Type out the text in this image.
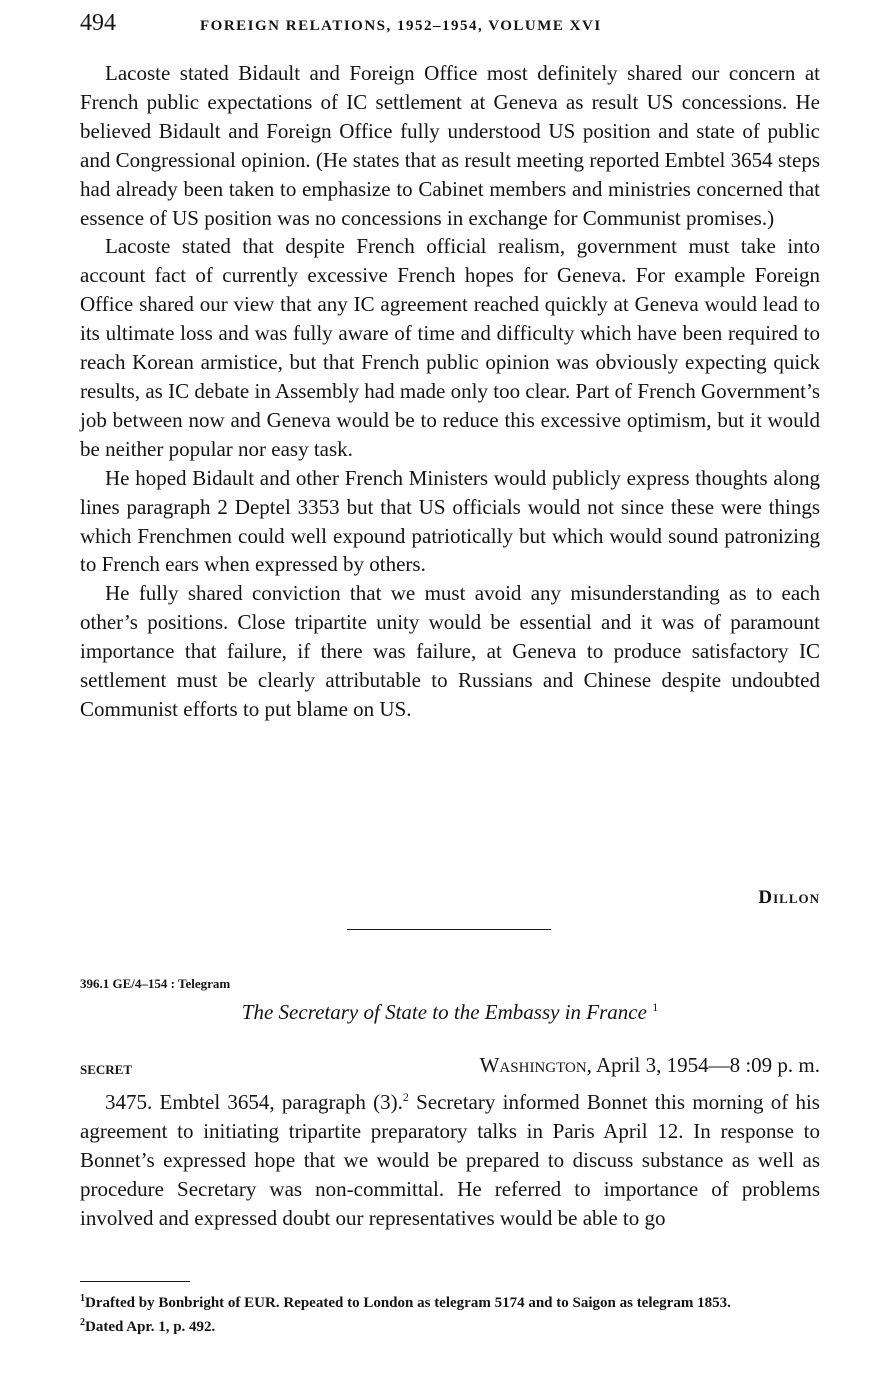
494	FOREIGN RELATIONS, 1952–1954, VOLUME XVI

Lacoste stated Bidault and Foreign Office most definitely shared our concern at French public expectations of IC settlement at Geneva as result US concessions. He believed Bidault and Foreign Office fully understood US position and state of public and Congressional opinion. (He states that as result meeting reported Embtel 3654 steps had already been taken to emphasize to Cabinet members and ministries concerned that essence of US position was no concessions in exchange for Communist promises.)

Lacoste stated that despite French official realism, government must take into account fact of currently excessive French hopes for Geneva. For example Foreign Office shared our view that any IC agreement reached quickly at Geneva would lead to its ultimate loss and was fully aware of time and difficulty which have been required to reach Korean armistice, but that French public opinion was obviously expecting quick results, as IC debate in Assembly had made only too clear. Part of French Government’s job between now and Geneva would be to reduce this excessive optimism, but it would be neither popular nor easy task.

He hoped Bidault and other French Ministers would publicly express thoughts along lines paragraph 2 Deptel 3353 but that US officials would not since these were things which Frenchmen could well expound patriotically but which would sound patronizing to French ears when expressed by others.

He fully shared conviction that we must avoid any misunderstanding as to each other’s positions. Close tripartite unity would be essential and it was of paramount importance that failure, if there was failure, at Geneva to produce satisfactory IC settlement must be clearly attributable to Russians and Chinese despite undoubted Communist efforts to put blame on US.

Dillon
396.1 GE/4–154 : Telegram
The Secretary of State to the Embassy in France $^1$
SECRET	Washington, April 3, 1954—8 :09 p. m.

3475. Embtel 3654, paragraph (3).$^2$ Secretary informed Bonnet this morning of his agreement to initiating tripartite preparatory talks in Paris April 12. In response to Bonnet’s expressed hope that we would be prepared to discuss substance as well as procedure Secretary was non-committal. He referred to importance of problems involved and expressed doubt our representatives would be able to go

$^1$Drafted by Bonbright of EUR. Repeated to London as telegram 5174 and to Saigon as telegram 1853.

$^2$Dated Apr. 1, p. 492.
